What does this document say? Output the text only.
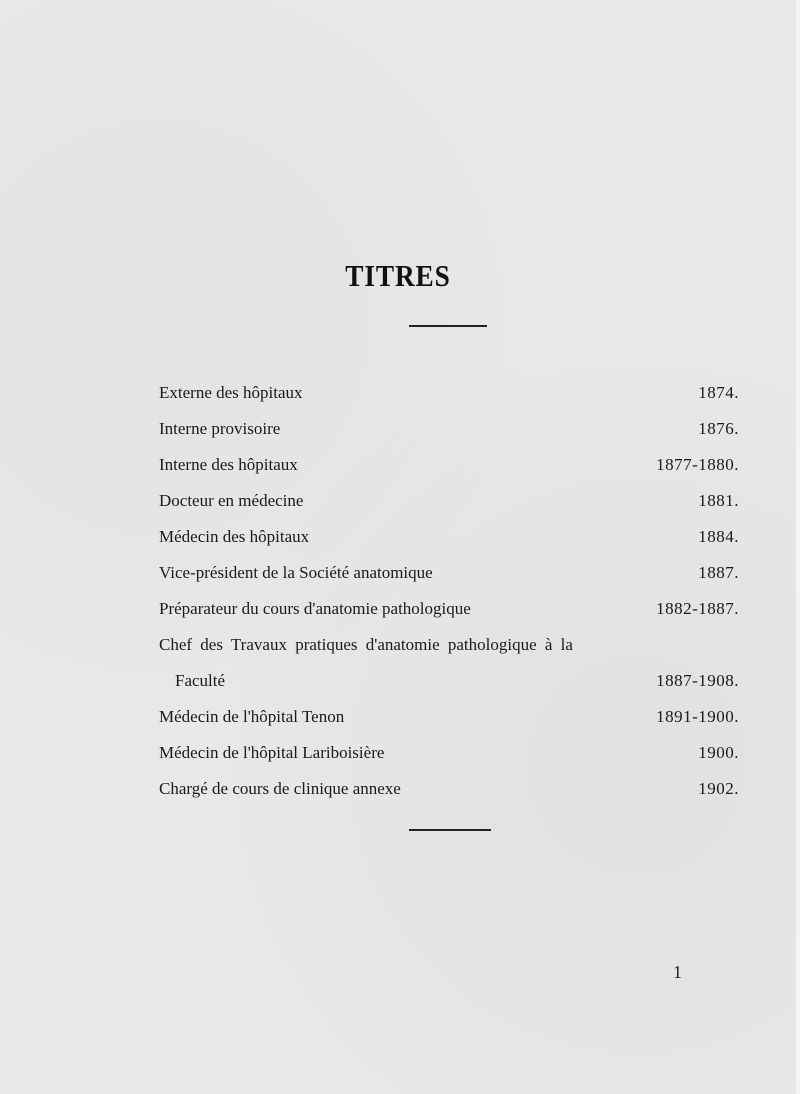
TITRES
Externe des hôpitaux	1874.
Interne provisoire	1876.
Interne des hôpitaux	1877-1880.
Docteur en médecine	1881.
Médecin des hôpitaux	1884.
Vice-président de la Société anatomique	1887.
Préparateur du cours d'anatomie pathologique	1882-1887.
Chef des Travaux pratiques d'anatomie pathologique à la
Faculté	1887-1908.
Médecin de l'hôpital Tenon	1891-1900.
Médecin de l'hôpital Lariboisière	1900.
Chargé de cours de clinique annexe	1902.
1
